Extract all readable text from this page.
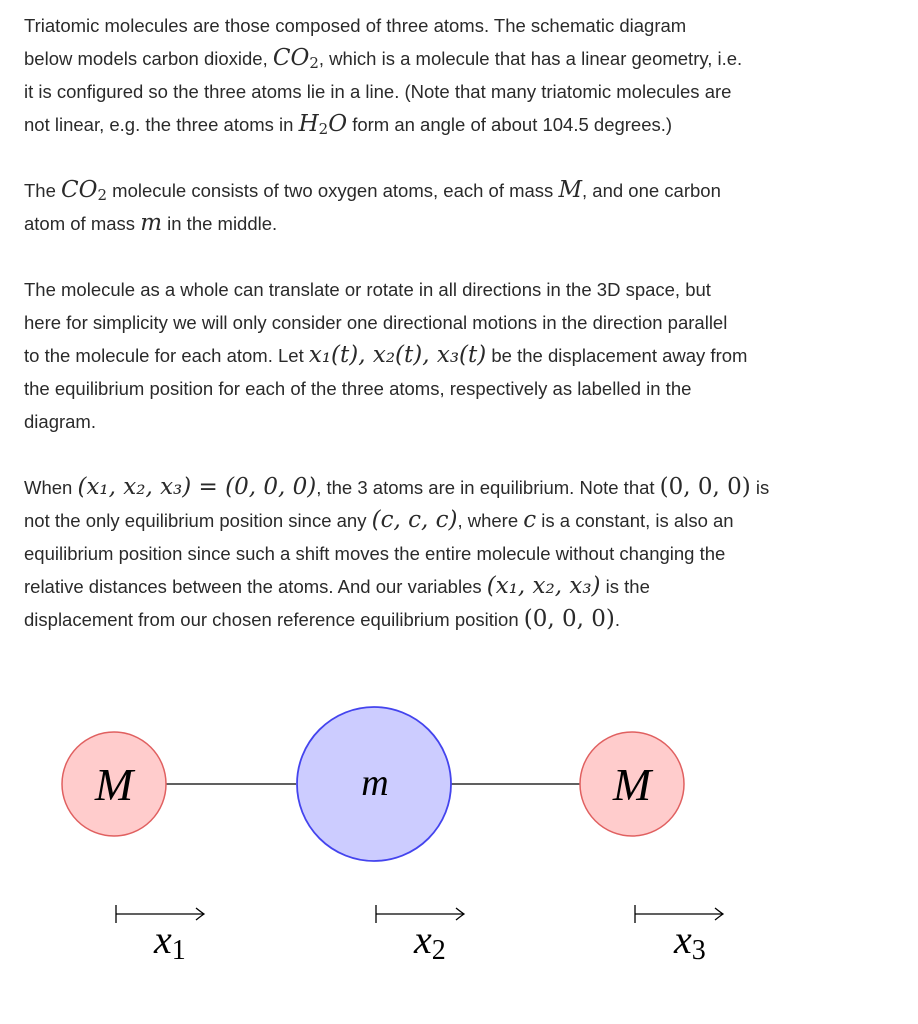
Triatomic molecules are those composed of three atoms. The schematic diagram
below models carbon dioxide, $CO_2$, which is a molecule that has a linear geometry, i.e.
it is configured so the three atoms lie in a line. (Note that many triatomic molecules are
not linear, e.g. the three atoms in $H_2O$ form an angle of about 104.5 degrees.)
The $CO_2$ molecule consists of two oxygen atoms, each of mass M, and one carbon
atom of mass m in the middle.
The molecule as a whole can translate or rotate in all directions in the 3D space, but
here for simplicity we will only consider one directional motions in the direction parallel
to the molecule for each atom. Let x₁(t), x₂(t), x₃(t) be the displacement away from
the equilibrium position for each of the three atoms, respectively as labelled in the
diagram.
When (x₁, x₂, x₃) = (0, 0, 0), the 3 atoms are in equilibrium. Note that (0, 0, 0) is
not the only equilibrium position since any (c, c, c), where c is a constant, is also an
equilibrium position since such a shift moves the entire molecule without changing the
relative distances between the atoms. And our variables (x₁, x₂, x₃) is the
displacement from our chosen reference equilibrium position (0, 0, 0).
M	m	M
x1	x2	x3
